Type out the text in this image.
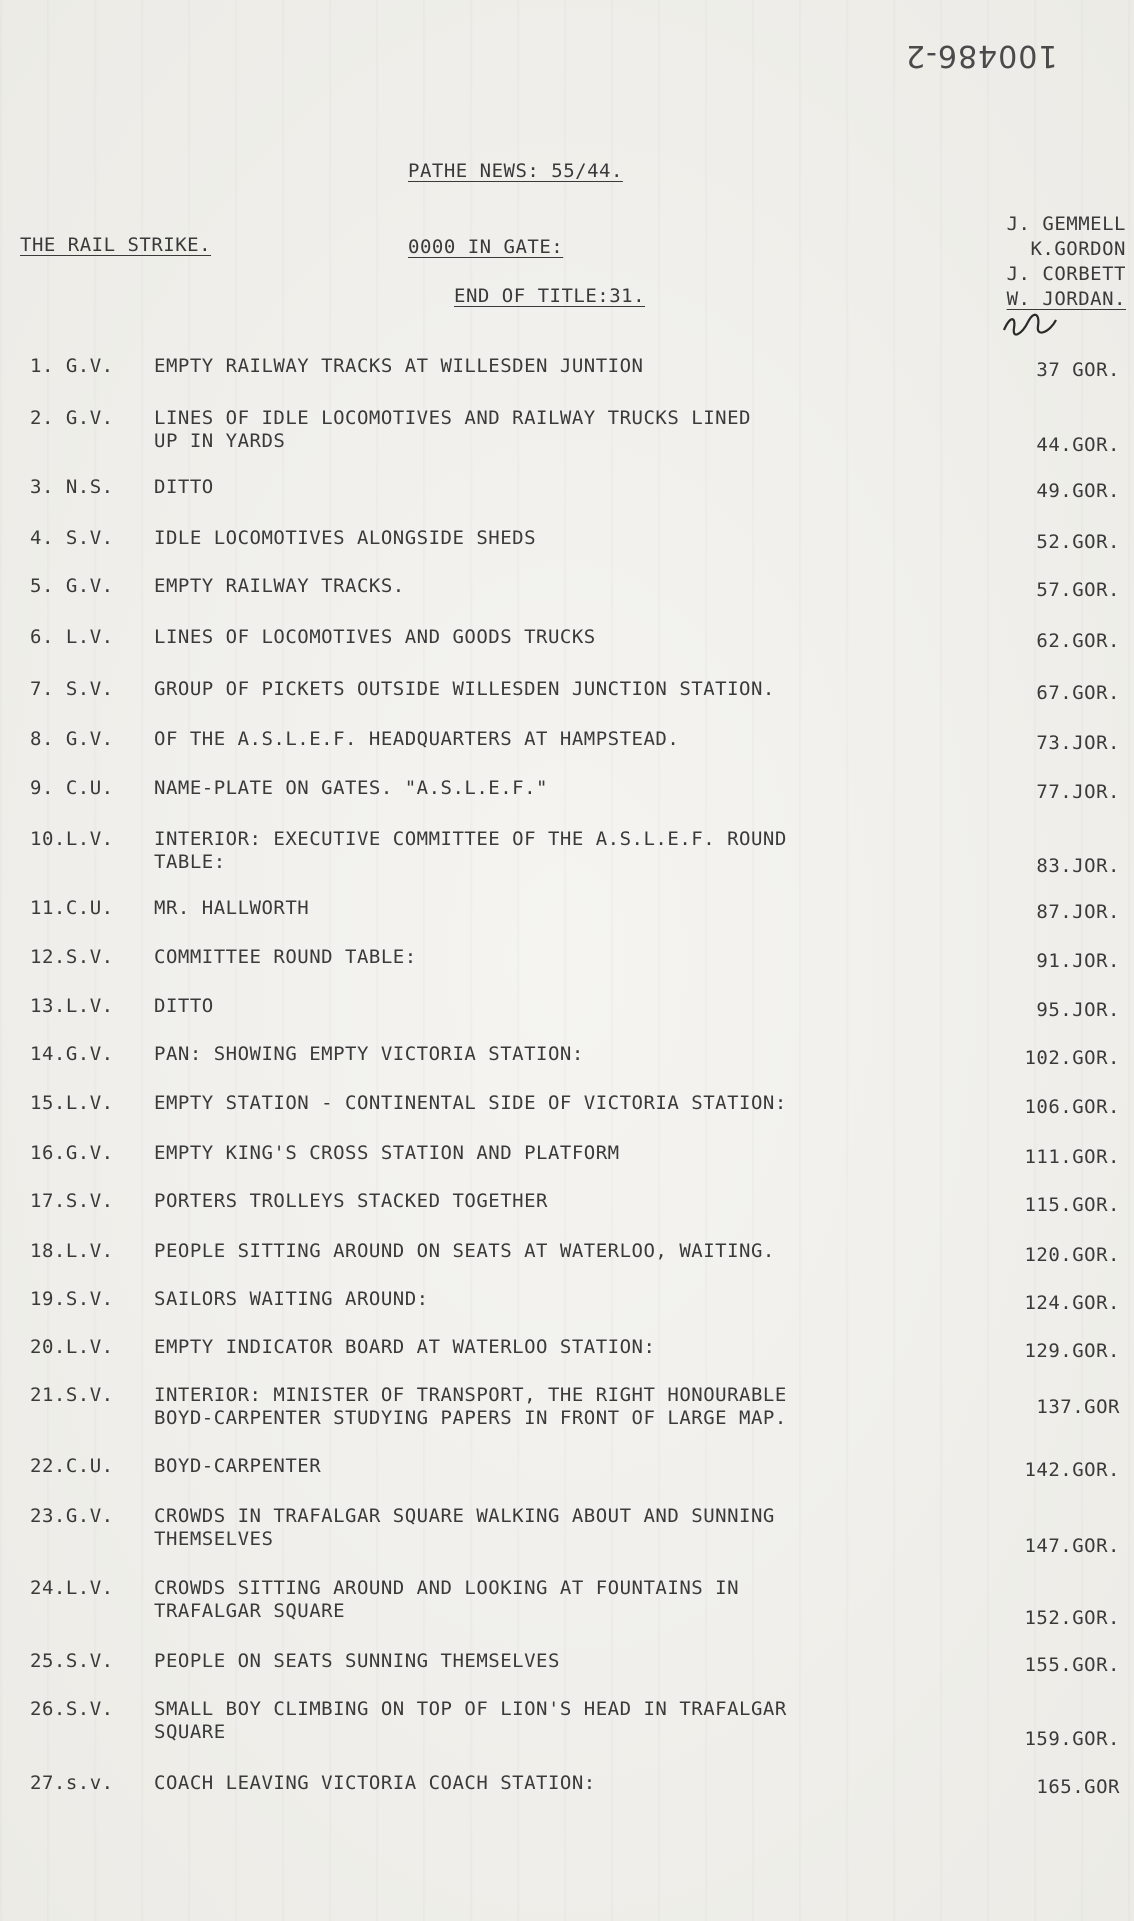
100486-2
PATHE NEWS: 55/44.
THE RAIL STRIKE.	0000 IN GATE:
END OF TITLE:31.
J. GEMMELL
K.GORDON
J. CORBETT
W. JORDAN.
1. G.V.	EMPTY RAILWAY TRACKS AT WILLESDEN JUNTION	37 GOR.
2. G.V.	LINES OF IDLE LOCOMOTIVES AND RAILWAY TRUCKS LINED
UP IN YARDS	44.GOR.
3. N.S.	DITTO	49.GOR.
4. S.V.	IDLE LOCOMOTIVES ALONGSIDE SHEDS	52.GOR.
5. G.V.	EMPTY RAILWAY TRACKS.	57.GOR.
6. L.V.	LINES OF LOCOMOTIVES AND GOODS TRUCKS	62.GOR.
7. S.V.	GROUP OF PICKETS OUTSIDE WILLESDEN JUNCTION STATION.	67.GOR.
8. G.V.	OF THE A.S.L.E.F. HEADQUARTERS AT HAMPSTEAD.	73.JOR.
9. C.U.	NAME-PLATE ON GATES. "A.S.L.E.F."	77.JOR.
10.L.V.	INTERIOR: EXECUTIVE COMMITTEE OF THE A.S.L.E.F. ROUND
TABLE:	83.JOR.
11.C.U.	MR. HALLWORTH	87.JOR.
12.S.V.	COMMITTEE ROUND TABLE:	91.JOR.
13.L.V.	DITTO	95.JOR.
14.G.V.	PAN: SHOWING EMPTY VICTORIA STATION:	102.GOR.
15.L.V.	EMPTY STATION - CONTINENTAL SIDE OF VICTORIA STATION:	106.GOR.
16.G.V.	EMPTY KING'S CROSS STATION AND PLATFORM	111.GOR.
17.S.V.	PORTERS TROLLEYS STACKED TOGETHER	115.GOR.
18.L.V.	PEOPLE SITTING AROUND ON SEATS AT WATERLOO, WAITING.	120.GOR.
19.S.V.	SAILORS WAITING AROUND:	124.GOR.
20.L.V.	EMPTY INDICATOR BOARD AT WATERLOO STATION:	129.GOR.
21.S.V.	INTERIOR: MINISTER OF TRANSPORT, THE RIGHT HONOURABLE
BOYD-CARPENTER STUDYING PAPERS IN FRONT OF LARGE MAP.	137.GOR
22.C.U.	BOYD-CARPENTER	142.GOR.
23.G.V.	CROWDS IN TRAFALGAR SQUARE WALKING ABOUT AND SUNNING
THEMSELVES	147.GOR.
24.L.V.	CROWDS SITTING AROUND AND LOOKING AT FOUNTAINS IN
TRAFALGAR SQUARE	152.GOR.
25.S.V.	PEOPLE ON SEATS SUNNING THEMSELVES	155.GOR.
26.S.V.	SMALL BOY CLIMBING ON TOP OF LION'S HEAD IN TRAFALGAR
SQUARE	159.GOR.
27.s.v.	COACH LEAVING VICTORIA COACH STATION:	165.GOR
